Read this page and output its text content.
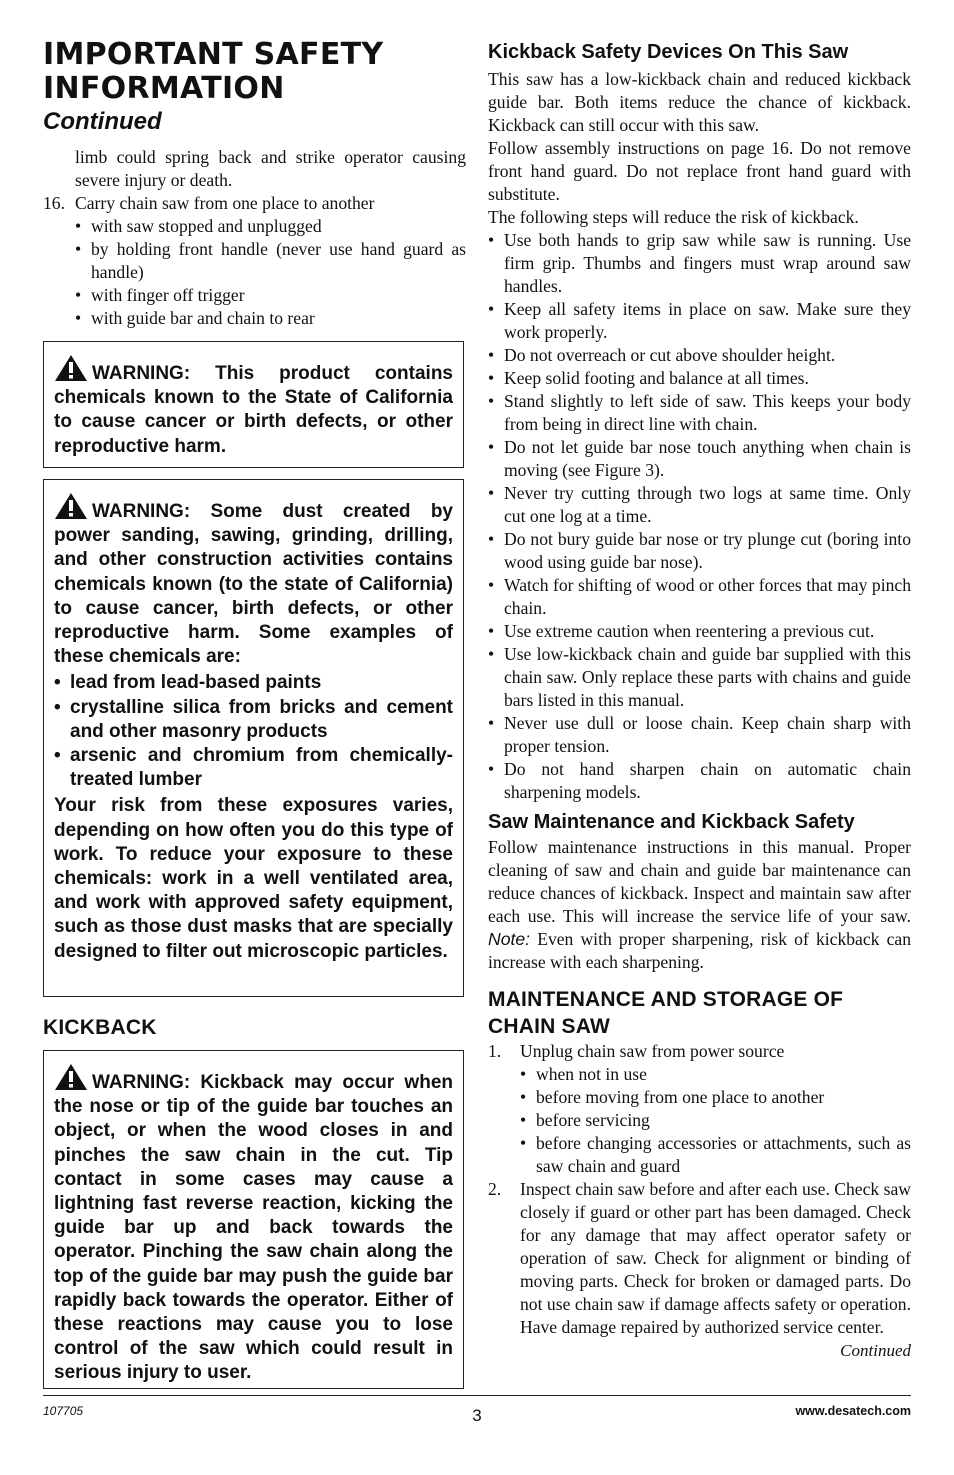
IMPORTANT SAFETY
INFORMATION
Continued
limb could spring back and strike operator causing severe injury or death.
16. Carry chain saw from one place to another
• with saw stopped and unplugged
• by holding front handle (never use hand guard as handle)
• with finger off trigger
• with guide bar and chain to rear
WARNING: This product contains chemicals known to the State of California to cause cancer or birth defects, or other reproductive harm.
WARNING: Some dust created by power sanding, sawing, grinding, drilling, and other construction activities contains chemicals known (to the state of California) to cause cancer, birth defects, or other reproductive harm. Some examples of these chemicals are:
• lead from lead-based paints
• crystalline silica from bricks and cement and other masonry products
• arsenic and chromium from chemically-treated lumber
Your risk from these exposures varies, depending on how often you do this type of work. To reduce your exposure to these chemicals: work in a well ventilated area, and work with approved safety equipment, such as those dust masks that are specially designed to filter out microscopic particles.
KICKBACK
WARNING: Kickback may occur when the nose or tip of the guide bar touches an object, or when the wood closes in and pinches the saw chain in the cut. Tip contact in some cases may cause a lightning fast reverse reaction, kicking the guide bar up and back towards the operator. Pinching the saw chain along the top of the guide bar may push the guide bar rapidly back towards the operator. Either of these reactions may cause you to lose control of the saw which could result in serious injury to user.
Kickback Safety Devices On This Saw
This saw has a low-kickback chain and reduced kickback guide bar. Both items reduce the chance of kickback. Kickback can still occur with this saw.
Follow assembly instructions on page 16. Do not remove front hand guard. Do not replace front hand guard with substitute.
The following steps will reduce the risk of kickback.
• Use both hands to grip saw while saw is running. Use firm grip. Thumbs and fingers must wrap around saw handles.
• Keep all safety items in place on saw. Make sure they work properly.
• Do not overreach or cut above shoulder height.
• Keep solid footing and balance at all times.
• Stand slightly to left side of saw. This keeps your body from being in direct line with chain.
• Do not let guide bar nose touch anything when chain is moving (see Figure 3).
• Never try cutting through two logs at same time. Only cut one log at a time.
• Do not bury guide bar nose or try plunge cut (boring into wood using guide bar nose).
• Watch for shifting of wood or other forces that may pinch chain.
• Use extreme caution when reentering a previous cut.
• Use low-kickback chain and guide bar supplied with this chain saw. Only replace these parts with chains and guide bars listed in this manual.
• Never use dull or loose chain. Keep chain sharp with proper tension.
• Do not hand sharpen chain on automatic chain sharpening models.
Saw Maintenance and Kickback Safety
Follow maintenance instructions in this manual. Proper cleaning of saw and chain and guide bar maintenance can reduce chances of kickback. Inspect and maintain saw after each use. This will increase the service life of your saw. Note: Even with proper sharpening, risk of kickback can increase with each sharpening.
MAINTENANCE AND STORAGE OF
CHAIN SAW
1. Unplug chain saw from power source
• when not in use
• before moving from one place to another
• before servicing
• before changing accessories or attachments, such as saw chain and guard
2. Inspect chain saw before and after each use. Check saw closely if guard or other part has been damaged. Check for any damage that may affect operator safety or operation of saw. Check for alignment or binding of moving parts. Check for broken or damaged parts. Do not use chain saw if damage affects safety or operation. Have damage repaired by authorized service center.
Continued
107705	3	www.desatech.com
